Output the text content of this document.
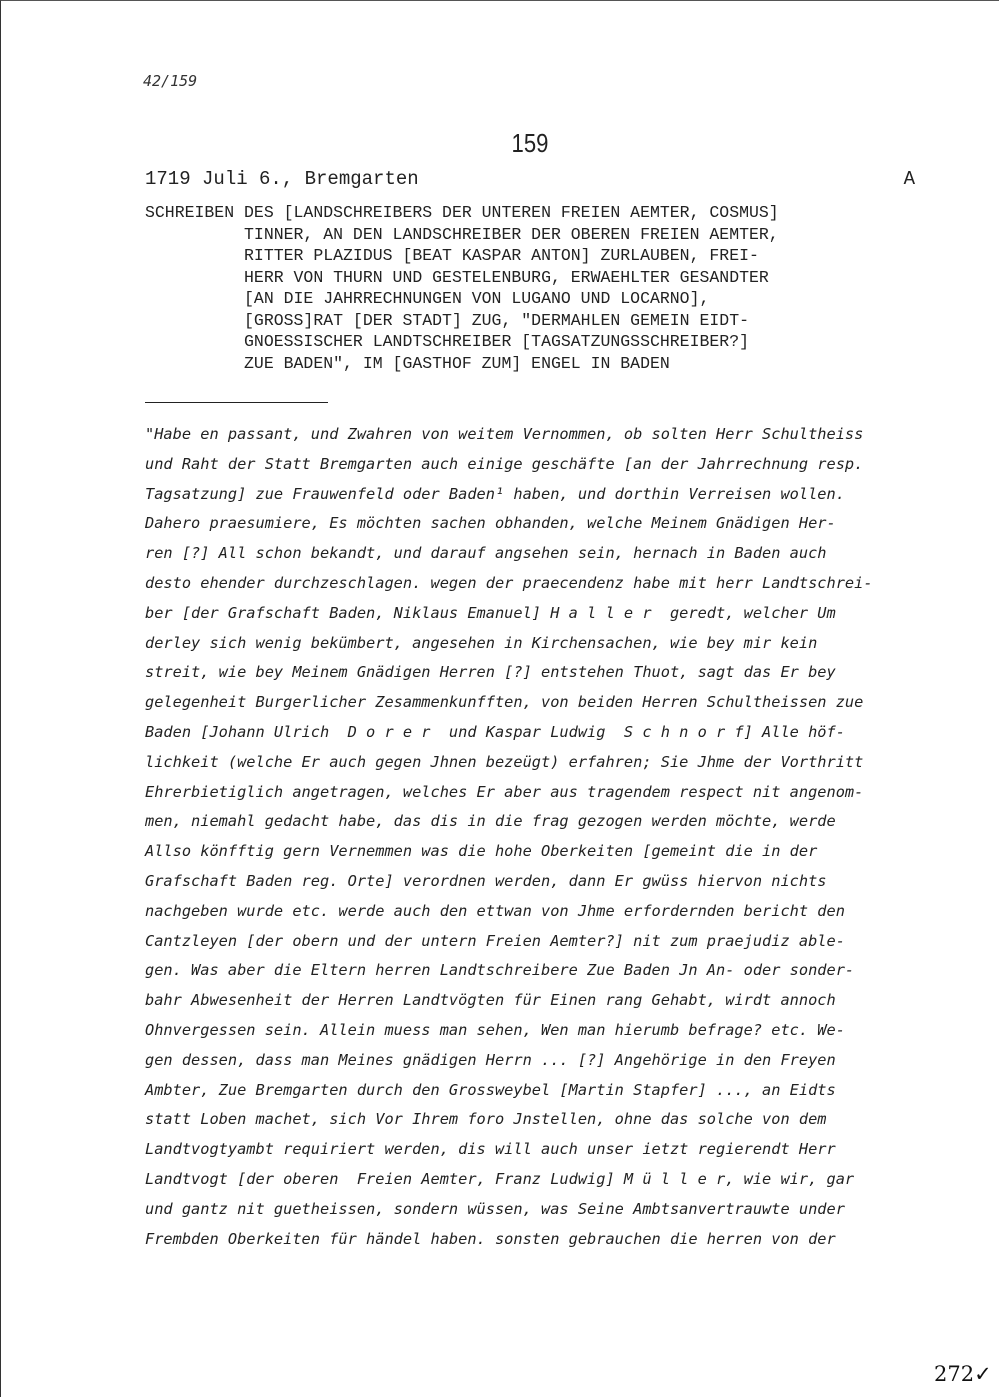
42/159
159
1719 Juli 6., Bremgarten	A
SCHREIBEN DES [LANDSCHREIBERS DER UNTEREN FREIEN AEMTER, COSMUS]
TINNER, AN DEN LANDSCHREIBER DER OBEREN FREIEN AEMTER,
RITTER PLAZIDUS [BEAT KASPAR ANTON] ZURLAUBEN, FREI-
HERR VON THURN UND GESTELENBURG, ERWAEHLTER GESANDTER
[AN DIE JAHRRECHNUNGEN VON LUGANO UND LOCARNO],
[GROSS]RAT [DER STADT] ZUG, "DERMAHLEN GEMEIN EIDT-
GNOESSISCHER LANDTSCHREIBER [TAGSATZUNGSSCHREIBER?]
ZUE BADEN", IM [GASTHOF ZUM] ENGEL IN BADEN
"Habe en passant, und Zwahren von weitem Vernommen, ob solten Herr Schultheiss
und Raht der Statt Bremgarten auch einige geschäfte [an der Jahrrechnung resp.
Tagsatzung] zue Frauwenfeld oder Baden¹ haben, und dorthin Verreisen wollen.
Dahero praesumiere, Es möchten sachen obhanden, welche Meinem Gnädigen Her-
ren [?] All schon bekandt, und darauf angsehen sein, hernach in Baden auch
desto ehender durchzeschlagen. wegen der praecendenz habe mit herr Landtschrei-
ber [der Grafschaft Baden, Niklaus Emanuel] H a l l e r  geredt, welcher Um
derley sich wenig bekümbert, angesehen in Kirchensachen, wie bey mir kein
streit, wie bey Meinem Gnädigen Herren [?] entstehen Thuot, sagt das Er bey
gelegenheit Burgerlicher Zesammenkunfften, von beiden Herren Schultheissen zue
Baden [Johann Ulrich  D o r e r  und Kaspar Ludwig  S c h n o r f] Alle höf-
lichkeit (welche Er auch gegen Jhnen bezeügt) erfahren; Sie Jhme der Vorthritt
Ehrerbietiglich angetragen, welches Er aber aus tragendem respect nit angenom-
men, niemahl gedacht habe, das dis in die frag gezogen werden möchte, werde
Allso könfftig gern Vernemmen was die hohe Oberkeiten [gemeint die in der
Grafschaft Baden reg. Orte] verordnen werden, dann Er gwüss hiervon nichts
nachgeben wurde etc. werde auch den ettwan von Jhme erfordernden bericht den
Cantzleyen [der obern und der untern Freien Aemter?] nit zum praejudiz able-
gen. Was aber die Eltern herren Landtschreibere Zue Baden Jn An- oder sonder-
bahr Abwesenheit der Herren Landtvögten für Einen rang Gehabt, wirdt annoch
Ohnvergessen sein. Allein muess man sehen, Wen man hierumb befrage? etc. We-
gen dessen, dass man Meines gnädigen Herrn ... [?] Angehörige in den Freyen
Ambter, Zue Bremgarten durch den Grossweybel [Martin Stapfer] ..., an Eidts
statt Loben machet, sich Vor Ihrem foro Jnstellen, ohne das solche von dem
Landtvogtyambt requiriert werden, dis will auch unser ietzt regierendt Herr
Landtvogt [der oberen  Freien Aemter, Franz Ludwig] M ü l l e r, wie wir, gar
und gantz nit guetheissen, sondern wüssen, was Seine Ambtsanvertrauwte under
Frembden Oberkeiten für händel haben. sonsten gebrauchen die herren von der
272✓
